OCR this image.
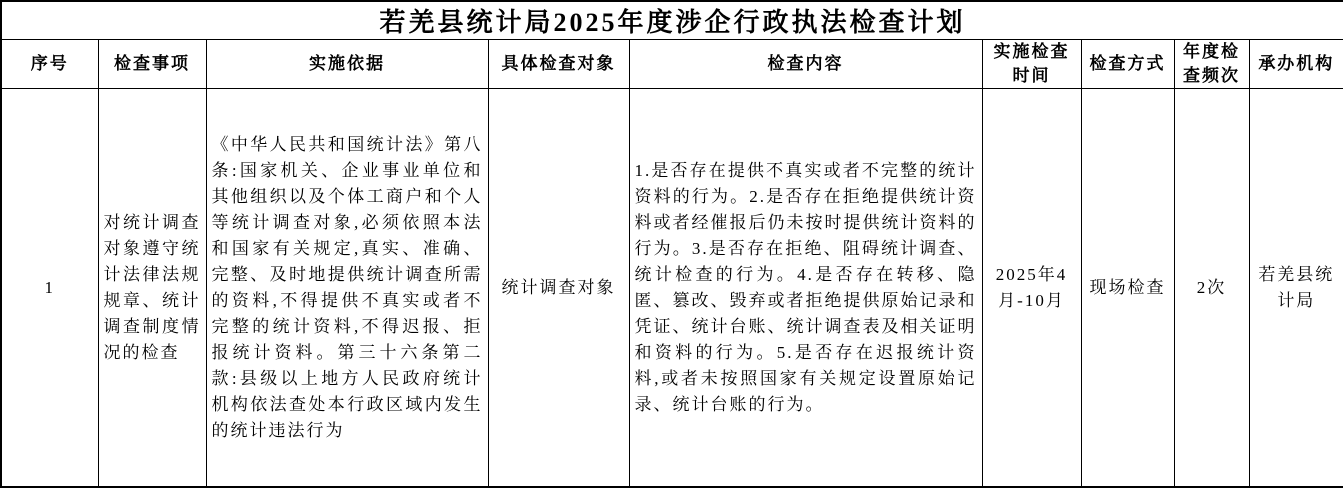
若羌县统计局2025年度涉企行政执法检查计划								
序号	检查事项	实施依据	具体检查对象	检查内容	实施检查时间	检查方式	年度检查频次	承办机构
1	对统计调查对象遵守统计法律法规规章、统计调查制度情况的检查	《中华人民共和国统计法》第八条:国家机关、企业事业单位和其他组织以及个体工商户和个人等统计调查对象,必须依照本法和国家有关规定,真实、准确、完整、及时地提供统计调查所需的资料,不得提供不真实或者不完整的统计资料,不得迟报、拒报统计资料。第三十六条第二款:县级以上地方人民政府统计机构依法查处本行政区域内发生的统计违法行为	统计调查对象	1.是否存在提供不真实或者不完整的统计资料的行为。2.是否存在拒绝提供统计资料或者经催报后仍未按时提供统计资料的行为。3.是否存在拒绝、阻碍统计调查、统计检查的行为。4.是否存在转移、隐匿、篡改、毁弃或者拒绝提供原始记录和凭证、统计台账、统计调查表及相关证明和资料的行为。5.是否存在迟报统计资料,或者未按照国家有关规定设置原始记录、统计台账的行为。	2025年4月-10月	现场检查	2次	若羌县统计局
